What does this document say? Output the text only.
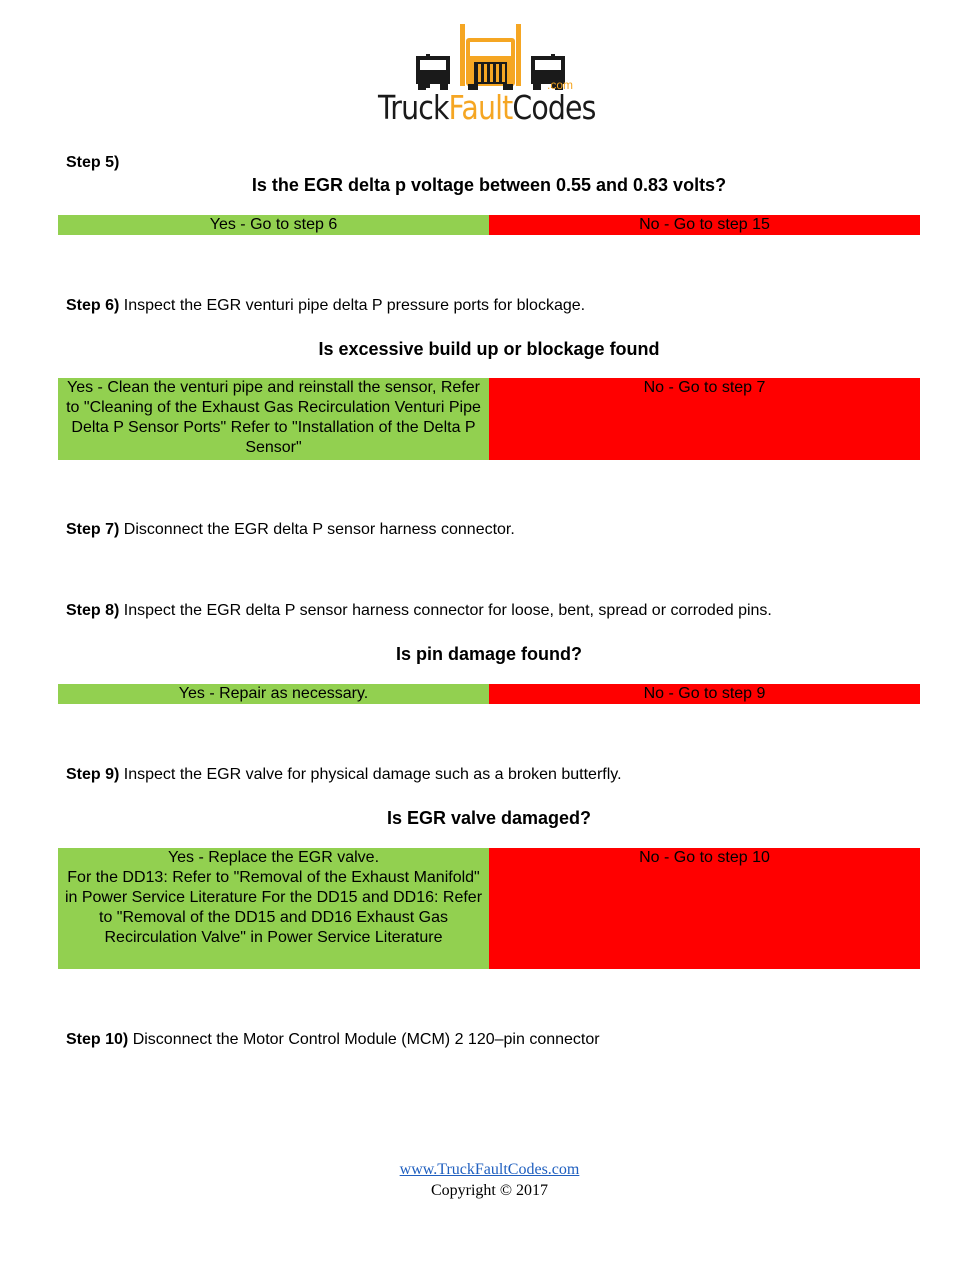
.com
TruckFaultCodes
Step 5)
Is the EGR delta p voltage between 0.55 and 0.83 volts?
Yes - Go to step 6	No - Go to step 15
Step 6) Inspect the EGR venturi pipe delta P pressure ports for blockage.
Is excessive build up or blockage found
Yes - Clean the venturi pipe and reinstall the sensor, Refer to "Cleaning of the Exhaust Gas Recirculation Venturi Pipe Delta P Sensor Ports" Refer to "Installation of the Delta P Sensor"
No - Go to step 7
Step 7) Disconnect the EGR delta P sensor harness connector.
Step 8) Inspect the EGR delta P sensor harness connector for loose, bent, spread or corroded pins.
Is pin damage found?
Yes - Repair as necessary.	No - Go to step 9
Step 9) Inspect the EGR valve for physical damage such as a broken butterfly.
Is EGR valve damaged?
Yes - Replace the EGR valve.
For the DD13: Refer to "Removal of the Exhaust Manifold" in Power Service Literature For the DD15 and DD16: Refer to "Removal of the DD15 and DD16 Exhaust Gas Recirculation Valve" in Power Service Literature
No - Go to step 10
Step 10) Disconnect the Motor Control Module (MCM) 2 120–pin connector
www.TruckFaultCodes.com
Copyright © 2017
